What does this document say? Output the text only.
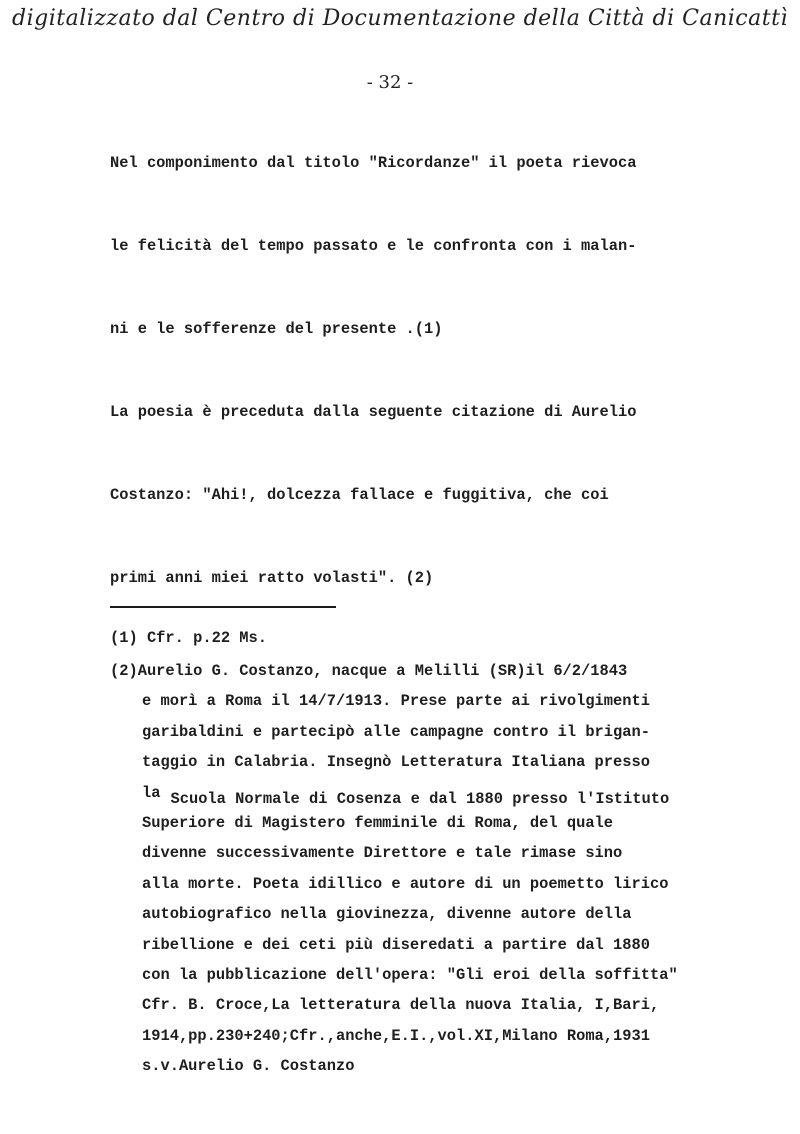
digitalizzato dal Centro di Documentazione della Città di Canicattì
- 32 -
Nel componimento dal titolo "Ricordanze" il poeta rievoca
le felicità del tempo passato e le confronta con i malan-
ni e le sofferenze del presente .(1)
La poesia è preceduta dalla seguente citazione di Aurelio
Costanzo: "Ahi!, dolcezza fallace e fuggitiva, che coi
primi anni miei ratto volasti". (2)
(1) Cfr. p.22 Ms.
(2)Aurelio G. Costanzo, nacque a Melilli (SR)il 6/2/1843
e morì a Roma il 14/7/1913. Prese parte ai rivolgimenti
garibaldini e partecipò alle campagne contro il brigan-
taggio in Calabria. Insegnò Letteratura Italiana presso
la Scuola Normale di Cosenza e dal 1880 presso l'Istituto
Superiore di Magistero femminile di Roma, del quale
divenne successivamente Direttore e tale rimase sino
alla morte. Poeta idillico e autore di un poemetto lirico
autobiografico nella giovinezza, divenne autore della
ribellione e dei ceti più diseredati a partire dal 1880
con la pubblicazione dell'opera: "Gli eroi della soffitta"
Cfr. B. Croce,La letteratura della nuova Italia, I,Bari,
1914,pp.230+240;Cfr.,anche,E.I.,vol.XI,Milano Roma,1931
s.v.Aurelio G. Costanzo
